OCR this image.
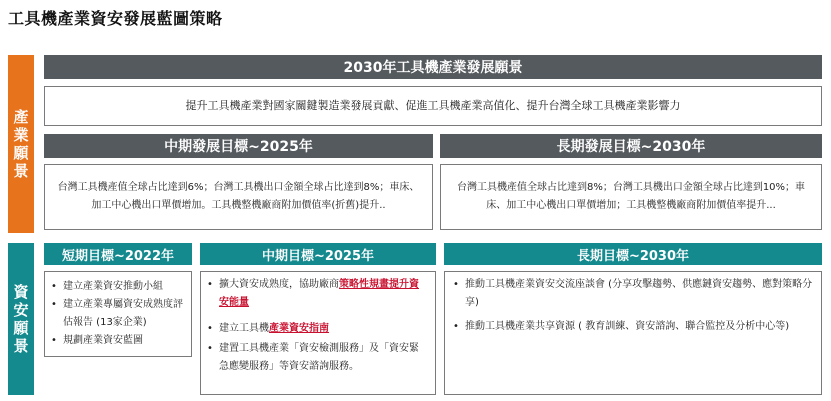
工具機產業資安發展藍圖策略
產業願景
2030年工具機產業發展願景
提升工具機產業對國家關鍵製造業發展貢獻、促進工具機產業高值化、提升台灣全球工具機產業影響力
中期發展目標~2025年	長期發展目標~2030年
台灣工具機產值全球占比達到6%；台灣工具機出口金額全球占比達到8%；車床、加工中心機出口單價增加。工具機整機廠商附加價值率(折舊)提升..
台灣工具機產值全球占比達到8%；台灣工具機出口金額全球占比達到10%；車床、加工中心機出口單價增加；工具機整機廠商附加價值率提升...
資安願景
短期目標~2022年	中期目標~2025年	長期目標~2030年
• 建立產業資安推動小組
• 建立產業專屬資安成熟度評估報告 (13家企業)
• 規劃產業資安藍圖
• 擴大資安成熟度，協助廠商策略性規畫提升資安能量
• 建立工具機產業資安指南
• 建置工具機產業「資安檢測服務」及「資安緊急應變服務」等資安諮詢服務。
• 推動工具機產業資安交流座談會 (分享攻擊趨勢、供應鏈資安趨勢、應對策略分享)
• 推動工具機產業共享資源 ( 教育訓練、資安諮詢、聯合監控及分析中心等)
